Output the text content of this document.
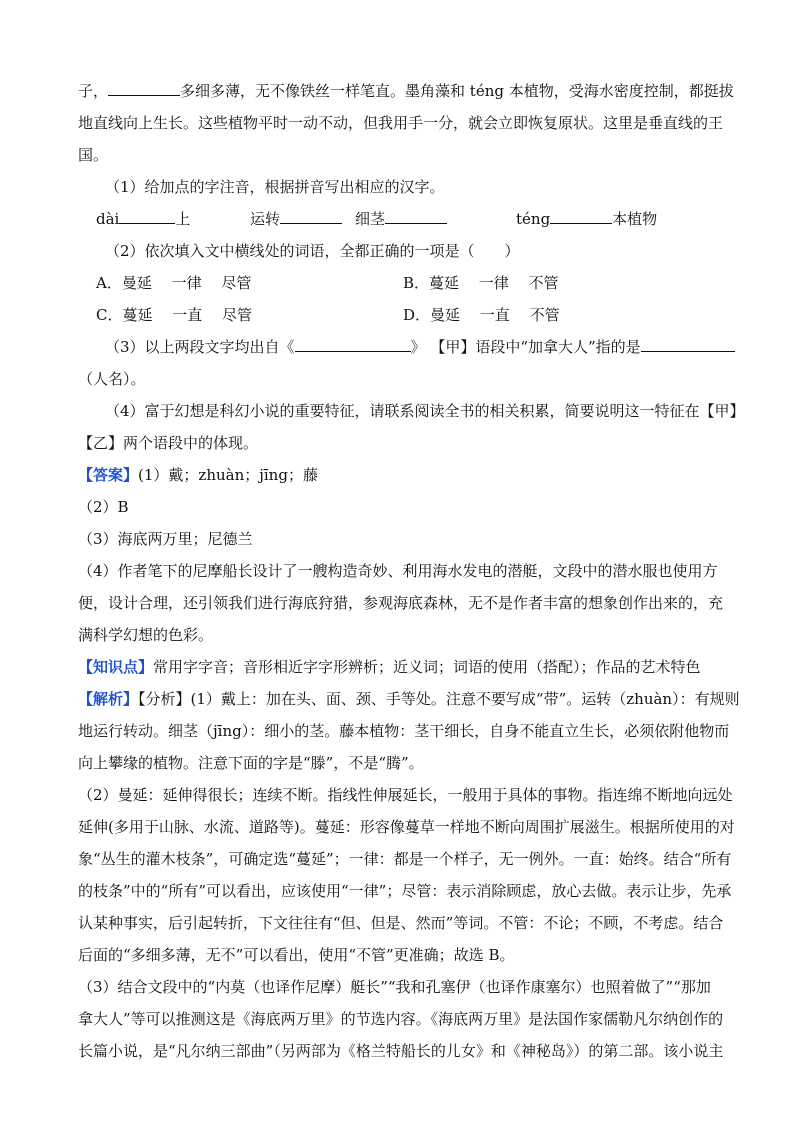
子，	多细多薄，无不像铁丝一样笔直。墨角藻和 téng 本植物，受海水密度控制，都挺拔
地直线向上生长。这些植物平时一动不动，但我用手一分，就会立即恢复原状。这里是垂直线的王
国。
（1）给加点的字注音，根据拼音写出相应的汉字。
dài	上	运转	细茎	téng	本植物
（2）依次填入文中横线处的词语，全都正确的一项是（　　）
A．曼延　 一律　 尽管	B．蔓延　 一律　 不管
C．蔓延　 一直　 尽管	D．曼延　 一直　 不管
（3）以上两段文字均出自《	》 【甲】语段中“加拿大人”指的是
（人名）。
（4）富于幻想是科幻小说的重要特征，请联系阅读全书的相关积累，简要说明这一特征在【甲】
【乙】两个语段中的体现。
【答案】(1）戴；zhuàn；jīng；藤
（2）B
（3）海底两万里；尼德兰
（4）作者笔下的尼摩船长设计了一艘构造奇妙、利用海水发电的潜艇，文段中的潜水服也使用方
便，设计合理，还引领我们进行海底狩猎，参观海底森林，无不是作者丰富的想象创作出来的，充
满科学幻想的色彩。
【知识点】常用字字音；音形相近字字形辨析；近义词；词语的使用（搭配）；作品的艺术特色
【解析】【分析】(1）戴上：加在头、面、颈、手等处。注意不要写成“带”。运转（zhuàn）：有规则
地运行转动。细茎（jīng）：细小的茎。藤本植物：茎干细长，自身不能直立生长，必须依附他物而
向上攀缘的植物。注意下面的字是“滕”，不是“腾”。
（2）曼延：延伸得很长；连续不断。指线性伸展延长，一般用于具体的事物。指连绵不断地向远处
延伸(多用于山脉、水流、道路等)。蔓延：形容像蔓草一样地不断向周围扩展滋生。根据所使用的对
象“丛生的灌木枝条”，可确定选“蔓延”；一律：都是一个样子，无一例外。一直：始终。结合“所有
的枝条”中的“所有”可以看出，应该使用“一律”；尽管：表示消除顾虑，放心去做。表示让步，先承
认某种事实，后引起转折，下文往往有“但、但是、然而”等词。不管：不论；不顾，不考虑。结合
后面的“多细多薄，无不”可以看出，使用“不管”更准确；故选 B。
（3）结合文段中的“内莫（也译作尼摩）艇长”“我和孔塞伊（也译作康塞尔）也照着做了”“那加
拿大人”等可以推测这是《海底两万里》的节选内容。《海底两万里》是法国作家儒勒凡尔纳创作的
长篇小说，是“凡尔纳三部曲”（另两部为《格兰特船长的儿女》和《神秘岛》）的第二部。该小说主
